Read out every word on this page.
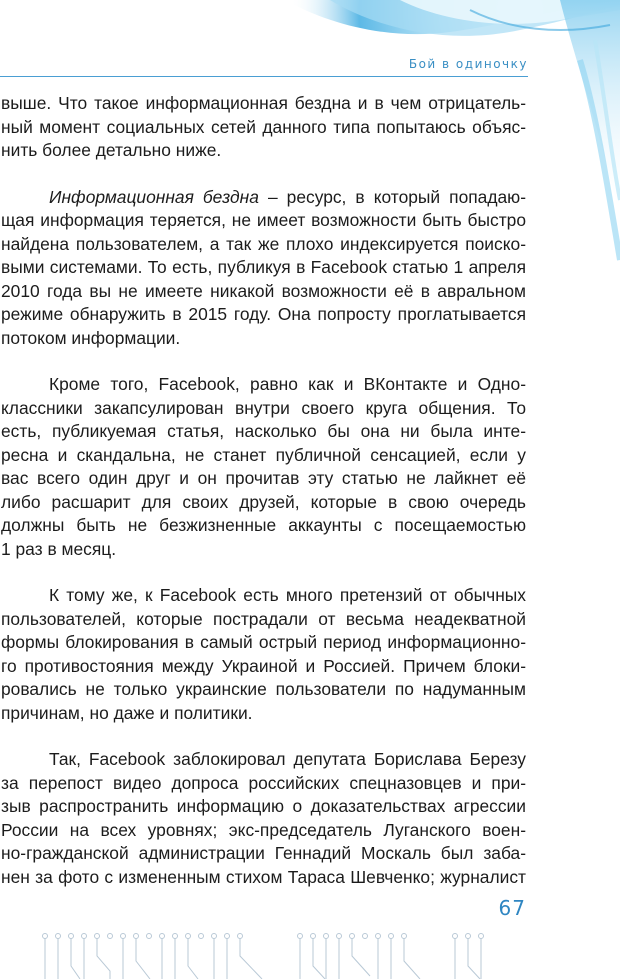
Бой в одиночку

выше. Что такое информационная бездна и в чем отрицатель-
ный момент социальных сетей данного типа попытаюсь объяс-
нить более детально ниже.

Информационная бездна – ресурс, в который попадаю-
щая информация теряется, не имеет возможности быть быстро
найдена пользователем, а так же плохо индексируется поиско-
выми системами. То есть, публикуя в Facebook статью 1 апреля
2010 года вы не имеете никакой возможности её в авральном
режиме обнаружить в 2015 году. Она попросту проглатывается
потоком информации.

Кроме того, Facebook, равно как и ВКонтакте и Одно-
классники закапсулирован внутри своего круга общения. То
есть, публикуемая статья, насколько бы она ни была инте-
ресна и скандальна, не станет публичной сенсацией, если у
вас всего один друг и он прочитав эту статью не лайкнет её
либо расшарит для своих друзей, которые в свою очередь
должны быть не безжизненные аккаунты с посещаемостью
1 раз в месяц.

К тому же, к Facebook есть много претензий от обычных
пользователей, которые пострадали от весьма неадекватной
формы блокирования в самый острый период информационно-
го противостояния между Украиной и Россией. Причем блоки-
ровались не только украинские пользователи по надуманным
причинам, но даже и политики.

Так, Facebook заблокировал депутата Борислава Березу
за перепост видео допроса российских спецназовцев и при-
зыв распространить информацию о доказательствах агрессии
России на всех уровнях; экс-председатель Луганского воен-
но-гражданской администрации Геннадий Москаль был заба-
нен за фото с измененным стихом Тараса Шевченко; журналист

67
